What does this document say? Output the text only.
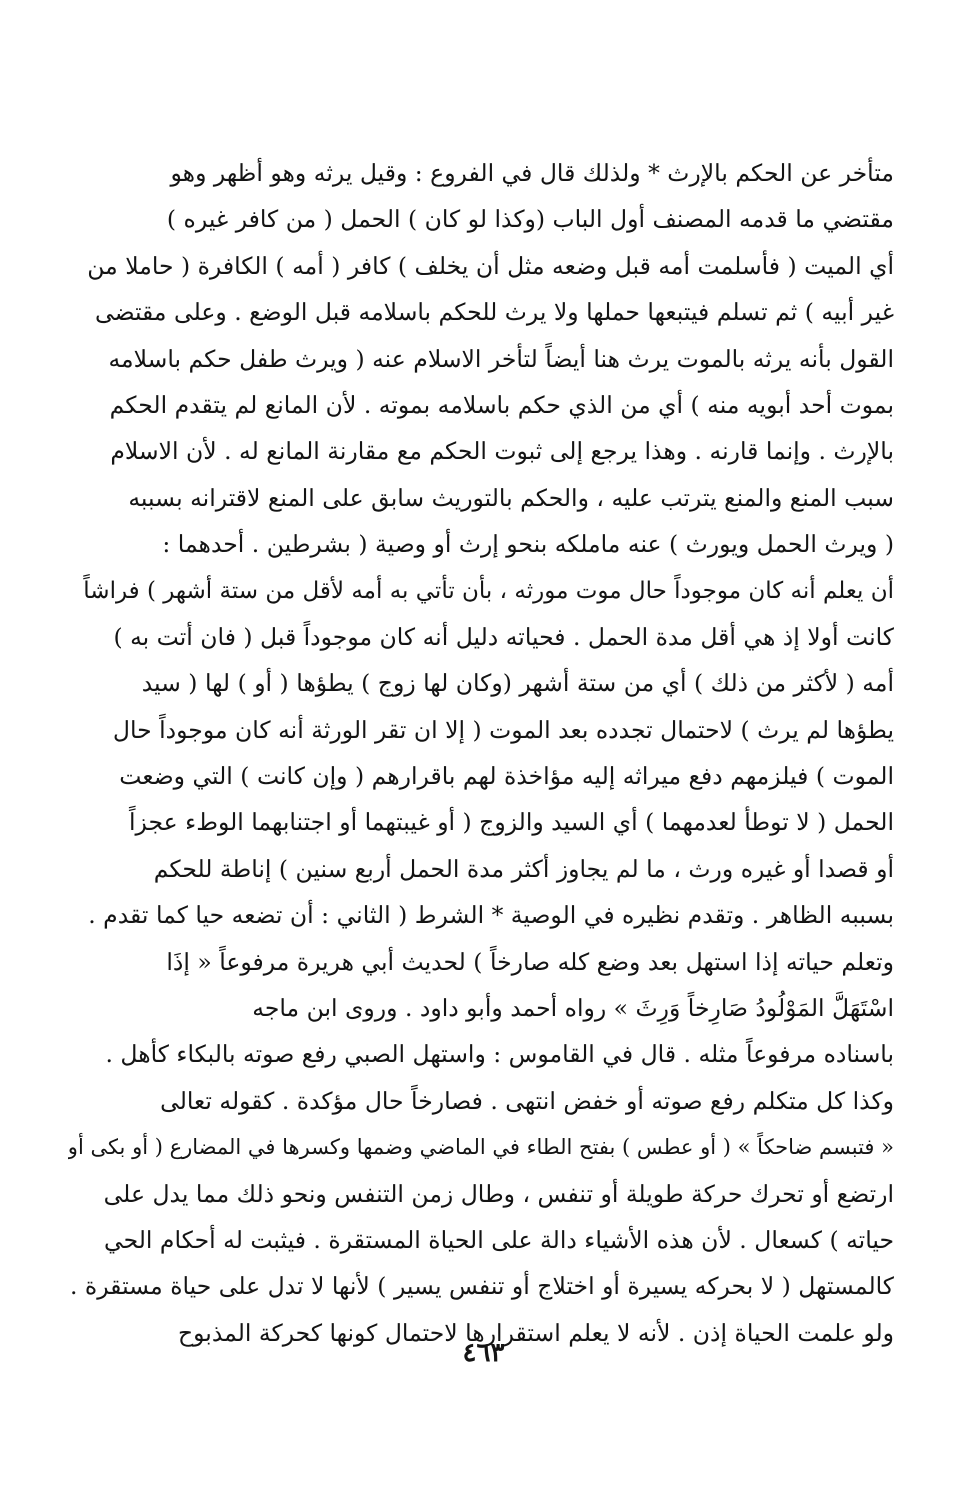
متأخر عن الحكم بالإرث * ولذلك قال في الفروع : وقيل يرثه وهو أظهر وهو
مقتضي ما قدمه المصنف أول الباب (وكذا لو كان ) الحمل ( من كافر غيره )
أي الميت ( فأسلمت أمه قبل وضعه مثل أن يخلف ) كافر ( أمه ) الكافرة ( حاملا من
غير أبيه ) ثم تسلم فيتبعها حملها ولا يرث للحكم باسلامه قبل الوضع . وعلى مقتضى
القول بأنه يرثه بالموت يرث هنا أيضاً لتأخر الاسلام عنه ( ويرث طفل حكم باسلامه
بموت أحد أبويه منه ) أي من الذي حكم باسلامه بموته . لأن المانع لم يتقدم الحكم
بالإرث . وإنما قارنه . وهذا يرجع إلى ثبوت الحكم مع مقارنة المانع له . لأن الاسلام
سبب المنع والمنع يترتب عليه ، والحكم بالتوريث سابق على المنع لاقترانه بسببه
( ويرث الحمل ويورث ) عنه ماملكه بنحو إرث أو وصية ( بشرطين . أحدهما :
أن يعلم أنه كان موجوداً حال موت مورثه ، بأن تأتي به أمه لأقل من ستة أشهر ) فراشاً
كانت أولا إذ هي أقل مدة الحمل . فحياته دليل أنه كان موجوداً قبل ( فان أتت به )
أمه ( لأكثر من ذلك ) أي من ستة أشهر (وكان لها زوج ) يطؤها ( أو ) لها ( سيد
يطؤها لم يرث ) لاحتمال تجدده بعد الموت ( إلا ان تقر الورثة أنه كان موجوداً حال
الموت ) فيلزمهم دفع ميراثه إليه مؤاخذة لهم باقرارهم ( وإن كانت ) التي وضعت
الحمل ( لا توطأ لعدمهما ) أي السيد والزوج ( أو غيبتهما أو اجتنابهما الوطء عجزاً
أو قصدا أو غيره ورث ، ما لم يجاوز أكثر مدة الحمل أربع سنين ) إناطة للحكم
بسببه الظاهر . وتقدم نظيره في الوصية * الشرط ( الثاني : أن تضعه حيا كما تقدم .
وتعلم حياته إذا استهل بعد وضع كله صارخاً ) لحديث أبي هريرة مرفوعاً « إذَا
اسْتَهَلَّ المَوْلُودُ صَارِخاً وَرِثَ » رواه أحمد وأبو داود . وروى ابن ماجه
باسناده مرفوعاً مثله . قال في القاموس : واستهل الصبي رفع صوته بالبكاء كأهل .
وكذا كل متكلم رفع صوته أو خفض انتهى . فصارخاً حال مؤكدة . كقوله تعالى
« فتبسم ضاحكاً » ( أو عطس ) بفتح الطاء في الماضي وضمها وكسرها في المضارع ( أو بكى أو
ارتضع أو تحرك حركة طويلة أو تنفس ، وطال زمن التنفس ونحو ذلك مما يدل على
حياته ) كسعال . لأن هذه الأشياء دالة على الحياة المستقرة . فيثبت له أحكام الحي
كالمستهل ( لا بحركه يسيرة أو اختلاج أو تنفس يسير ) لأنها لا تدل على حياة مستقرة .
ولو علمت الحياة إذن . لأنه لا يعلم استقرارها لاحتمال كونها كحركة المذبوح
٤٦٣
